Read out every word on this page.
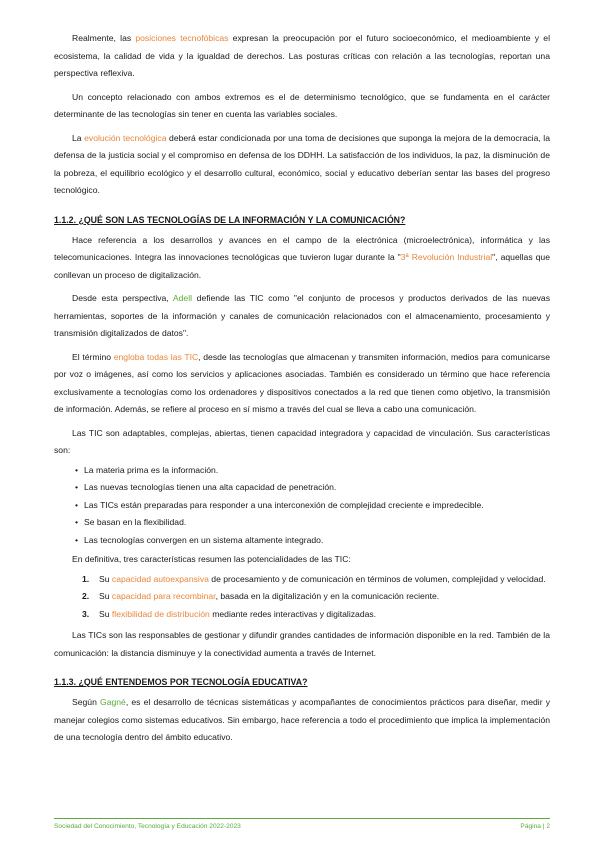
Realmente, las posiciones tecnofóbicas expresan la preocupación por el futuro socioeconómico, el medioambiente y el ecosistema, la calidad de vida y la igualdad de derechos. Las posturas críticas con relación a las tecnologías, reportan una perspectiva reflexiva.

Un concepto relacionado con ambos extremos es el de determinismo tecnológico, que se fundamenta en el carácter determinante de las tecnologías sin tener en cuenta las variables sociales.

La evolución tecnológica deberá estar condicionada por una toma de decisiones que suponga la mejora de la democracia, la defensa de la justicia social y el compromiso en defensa de los DDHH. La satisfacción de los individuos, la paz, la disminución de la pobreza, el equilibrio ecológico y el desarrollo cultural, económico, social y educativo deberían sentar las bases del progreso tecnológico.

1.1.2. ¿QUÉ SON LAS TECNOLOGÍAS DE LA INFORMACIÓN Y LA COMUNICACIÓN?

Hace referencia a los desarrollos y avances en el campo de la electrónica (microelectrónica), informática y las telecomunicaciones. Integra las innovaciones tecnológicas que tuvieron lugar durante la "3ª Revolución Industrial", aquellas que conllevan un proceso de digitalización.

Desde esta perspectiva, Adell defiende las TIC como "el conjunto de procesos y productos derivados de las nuevas herramientas, soportes de la información y canales de comunicación relacionados con el almacenamiento, procesamiento y transmisión digitalizados de datos".

El término engloba todas las TIC, desde las tecnologías que almacenan y transmiten información, medios para comunicarse por voz o imágenes, así como los servicios y aplicaciones asociadas. También es considerado un término que hace referencia exclusivamente a tecnologías como los ordenadores y dispositivos conectados a la red que tienen como objetivo, la transmisión de información. Además, se refiere al proceso en sí mismo a través del cual se lleva a cabo una comunicación.

Las TIC son adaptables, complejas, abiertas, tienen capacidad integradora y capacidad de vinculación. Sus características son:

• La materia prima es la información.
• Las nuevas tecnologías tienen una alta capacidad de penetración.
• Las TICs están preparadas para responder a una interconexión de complejidad creciente e impredecible.
• Se basan en la flexibilidad.
• Las tecnologías convergen en un sistema altamente integrado.

En definitiva, tres características resumen las potencialidades de las TIC:

1. Su capacidad autoexpansiva de procesamiento y de comunicación en términos de volumen, complejidad y velocidad.
2. Su capacidad para recombinar, basada en la digitalización y en la comunicación reciente.
3. Su flexibilidad de distribución mediante redes interactivas y digitalizadas.

Las TICs son las responsables de gestionar y difundir grandes cantidades de información disponible en la red. También de la comunicación: la distancia disminuye y la conectividad aumenta a través de Internet.

1.1.3. ¿QUÉ ENTENDEMOS POR TECNOLOGÍA EDUCATIVA?

Según Gagné, es el desarrollo de técnicas sistemáticas y acompañantes de conocimientos prácticos para diseñar, medir y manejar colegios como sistemas educativos. Sin embargo, hace referencia a todo el procedimiento que implica la implementación de una tecnología dentro del ámbito educativo.

Sociedad del Conocimiento, Tecnología y Educación 2022-2023	Página | 2
